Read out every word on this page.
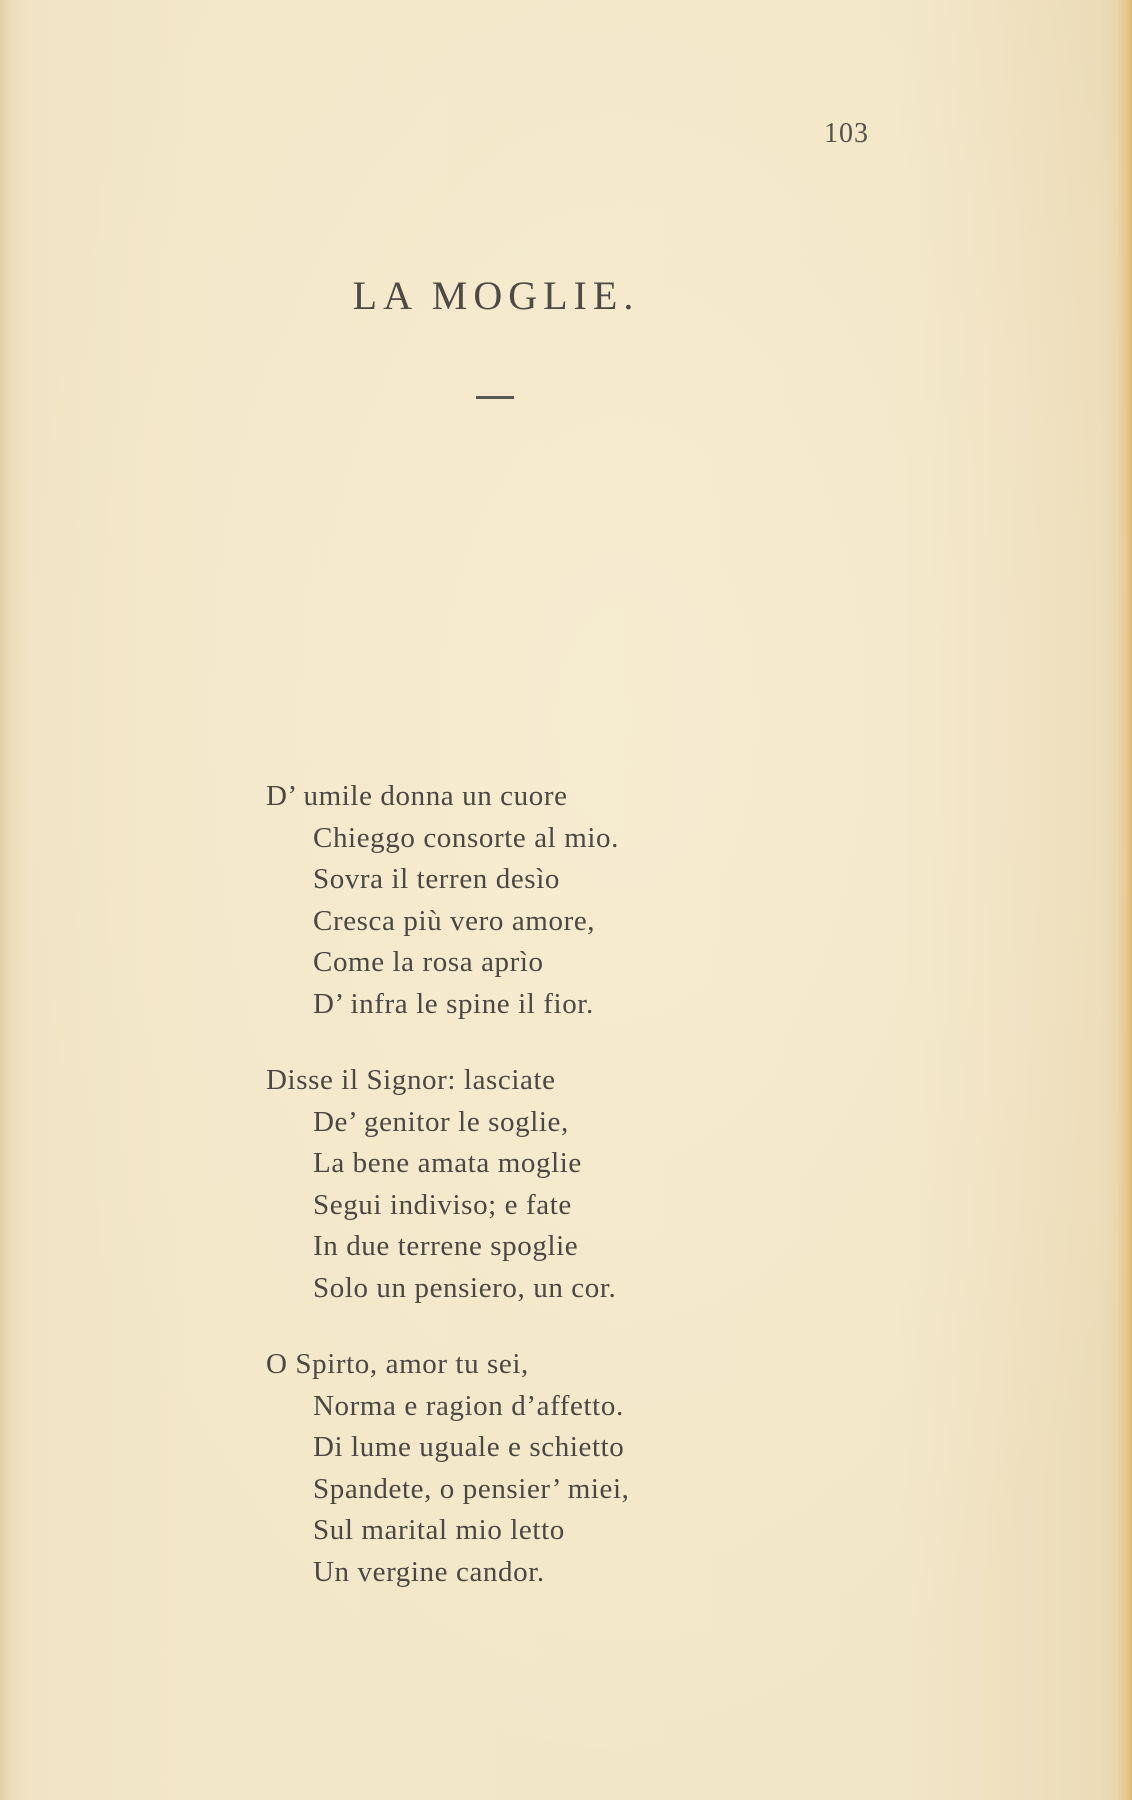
103
LA MOGLIE.
D’ umile donna un cuore
Chieggo consorte al mio.
Sovra il terren desìo
Cresca più vero amore,
Come la rosa aprìo
D’ infra le spine il fior.
Disse il Signor: lasciate
De’ genitor le soglie,
La bene amata moglie
Segui indiviso; e fate
In due terrene spoglie
Solo un pensiero, un cor.
O Spirto, amor tu sei,
Norma e ragion d’affetto.
Di lume uguale e schietto
Spandete, o pensier’ miei,
Sul marital mio letto
Un vergine candor.
